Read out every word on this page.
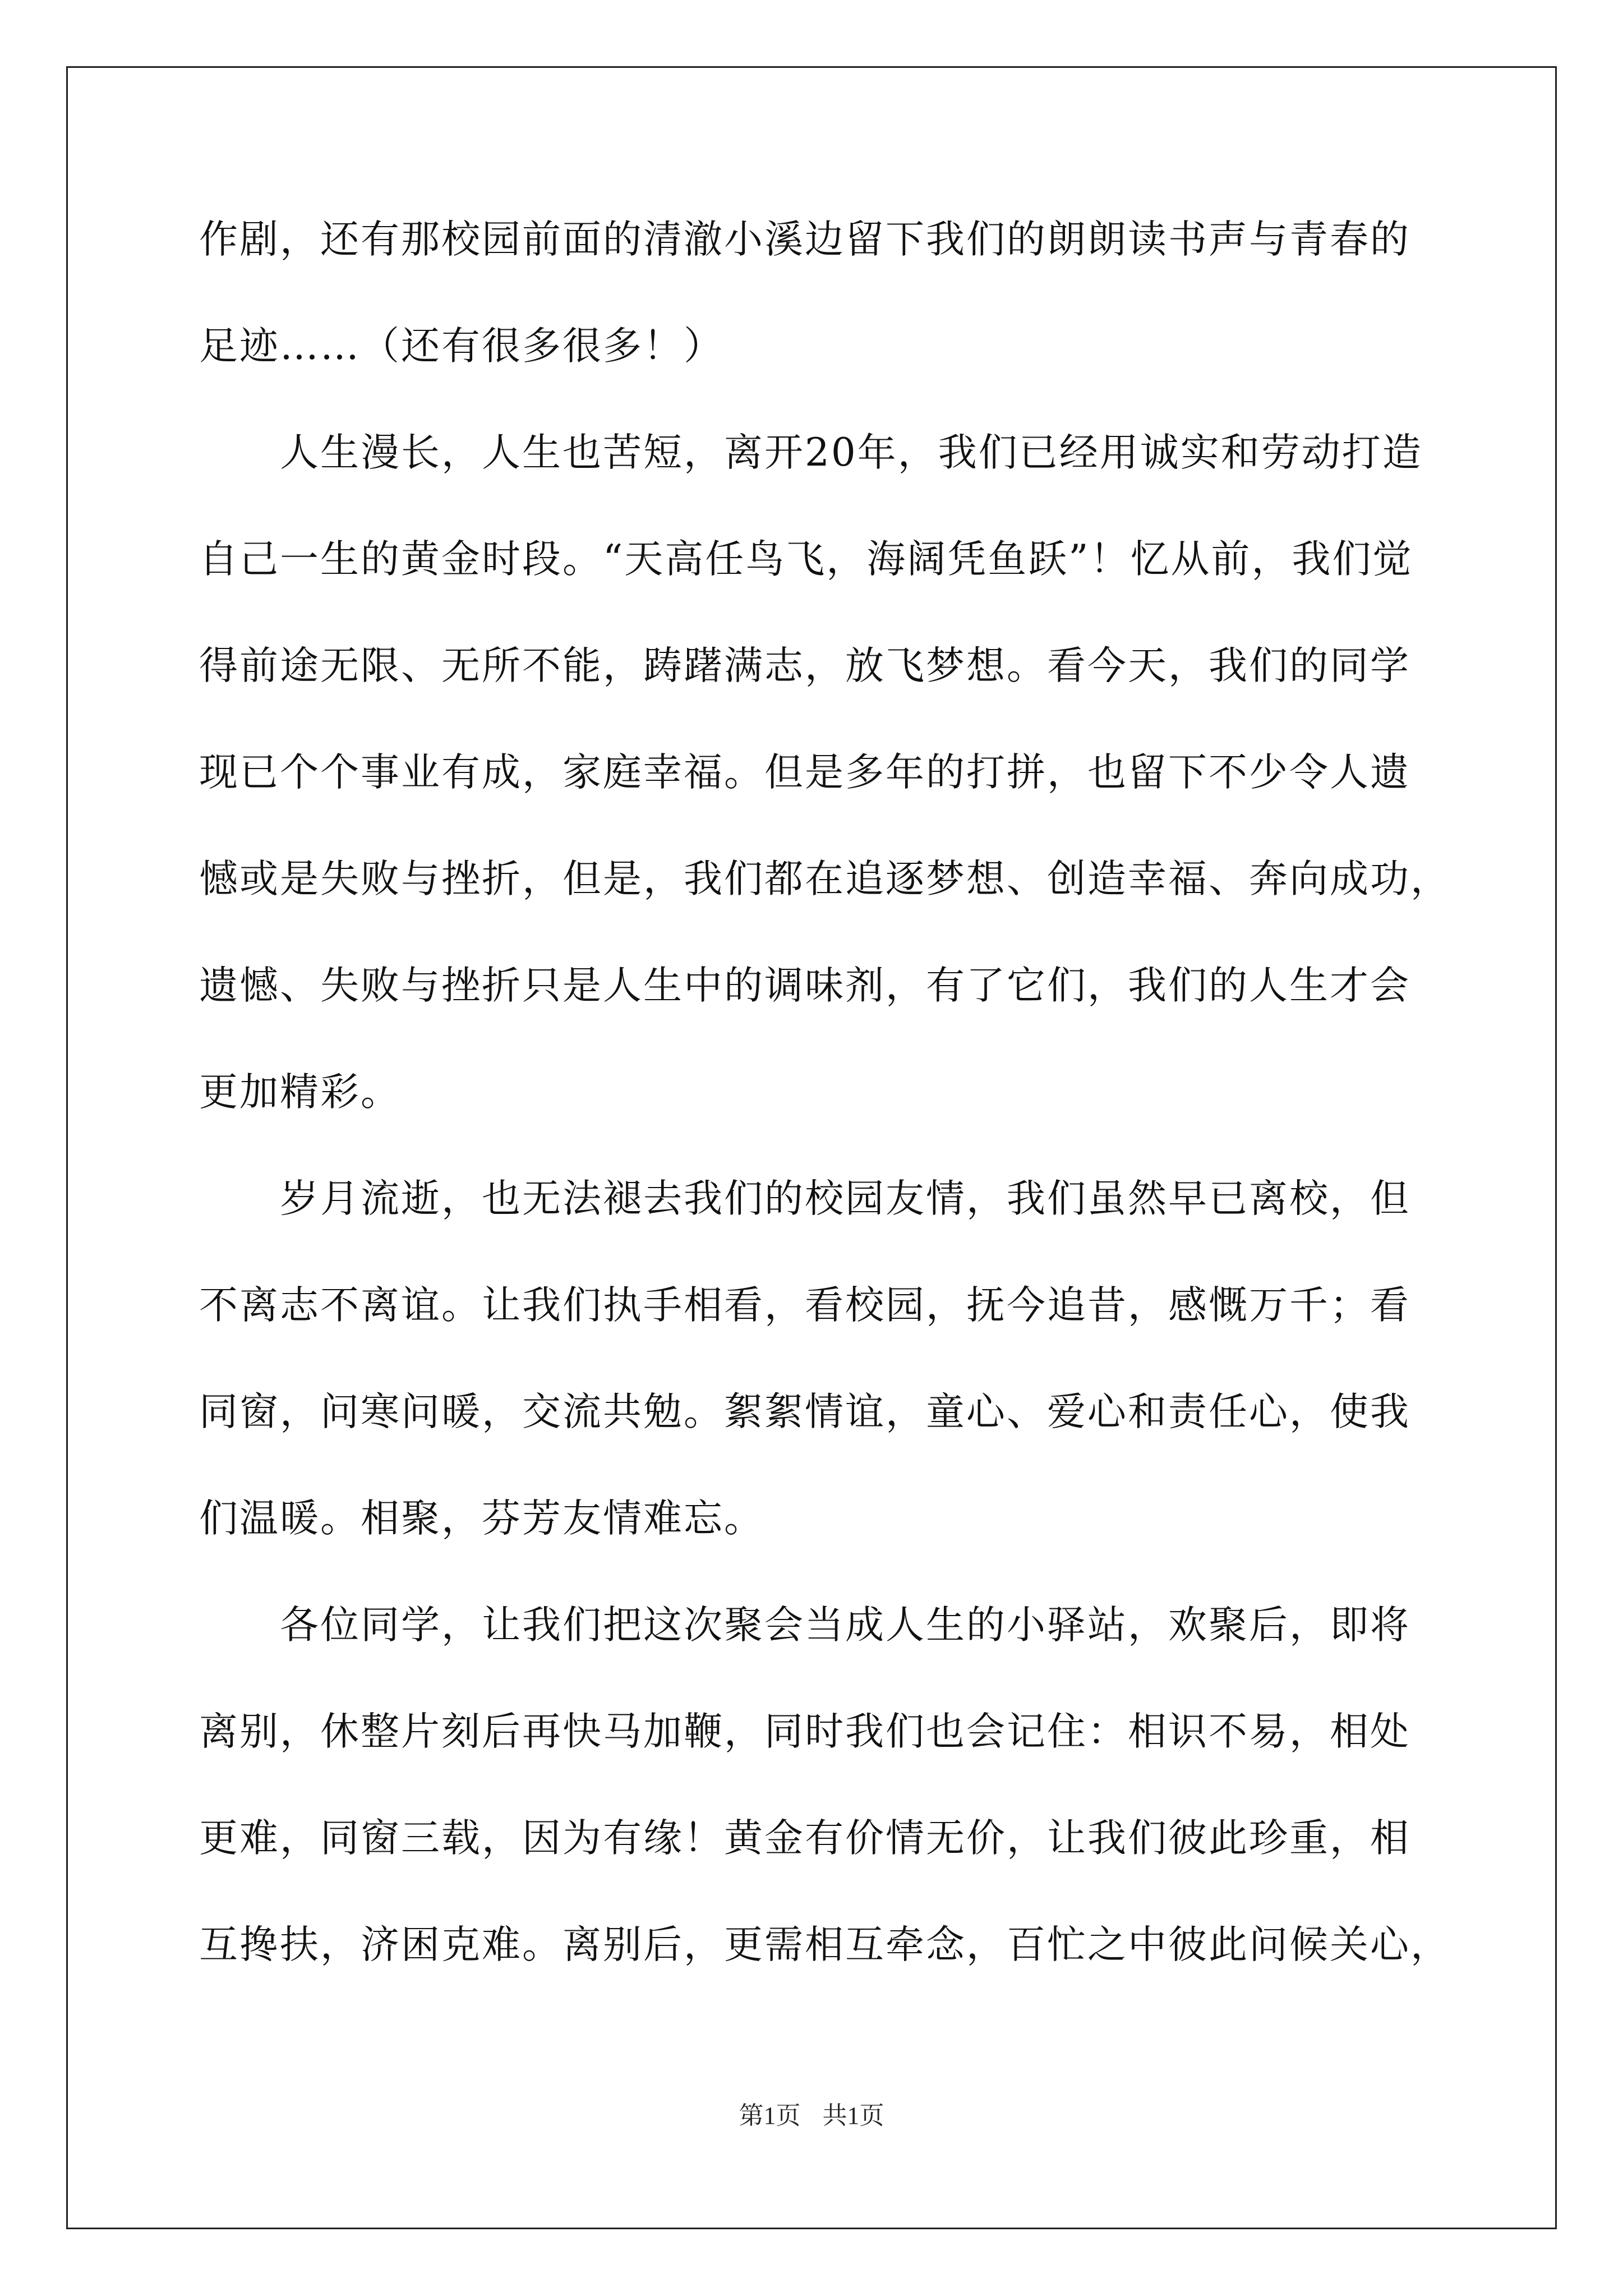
作剧，还有那校园前面的清澈小溪边留下我们的朗朗读书声与青春的
足迹……（还有很多很多！）
　　人生漫长，人生也苦短，离开20年，我们已经用诚实和劳动打造
自己一生的黄金时段。“天高任鸟飞，海阔凭鱼跃”！忆从前，我们觉
得前途无限、无所不能，踌躇满志，放飞梦想。看今天，我们的同学
现已个个事业有成，家庭幸福。但是多年的打拼，也留下不少令人遗
憾或是失败与挫折，但是，我们都在追逐梦想、创造幸福、奔向成功，
遗憾、失败与挫折只是人生中的调味剂，有了它们，我们的人生才会
更加精彩。
　　岁月流逝，也无法褪去我们的校园友情，我们虽然早已离校，但
不离志不离谊。让我们执手相看，看校园，抚今追昔，感慨万千；看
同窗，问寒问暖，交流共勉。絮絮情谊，童心、爱心和责任心，使我
们温暖。相聚，芬芳友情难忘。
　　各位同学，让我们把这次聚会当成人生的小驿站，欢聚后，即将
离别，休整片刻后再快马加鞭，同时我们也会记住：相识不易，相处
更难，同窗三载，因为有缘！黄金有价情无价，让我们彼此珍重，相
互搀扶，济困克难。离别后，更需相互牵念，百忙之中彼此问候关心，
第1页 共1页
